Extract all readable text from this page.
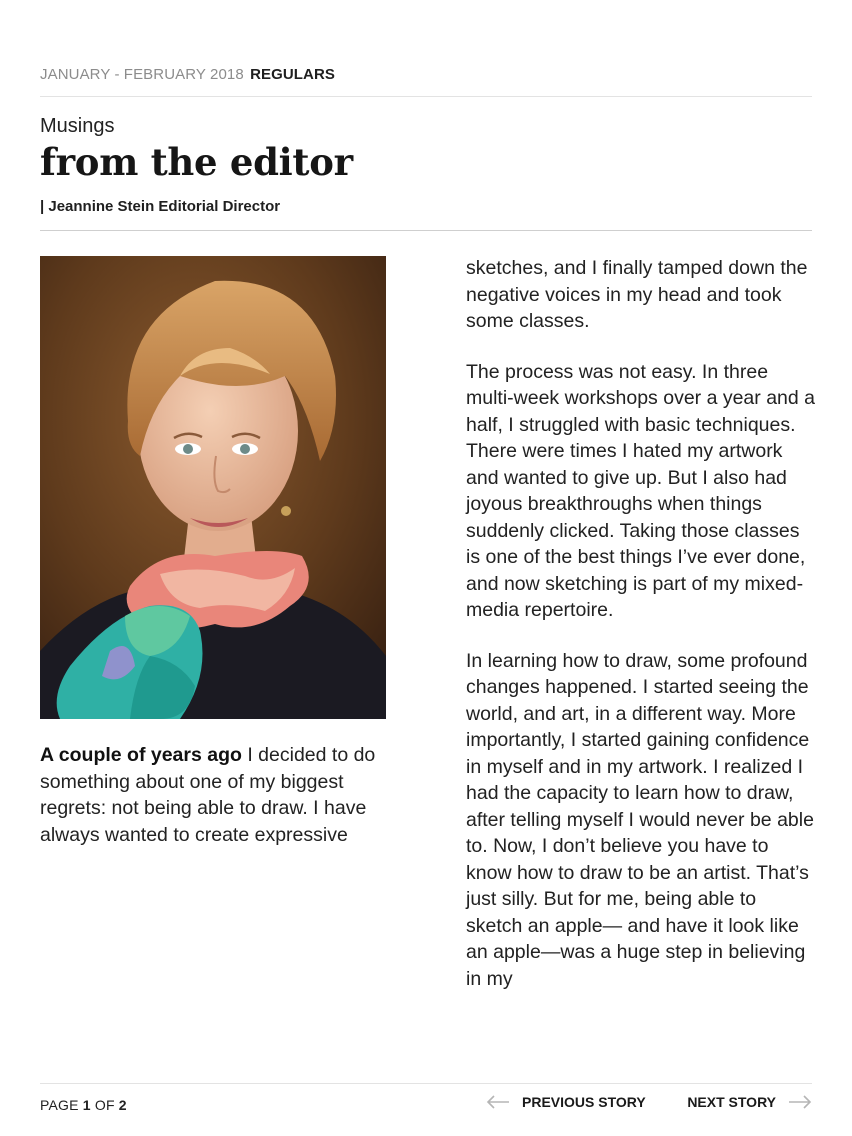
JANUARY - FEBRUARY 2018 REGULARS
Musings
from the editor
| Jeannine Stein Editorial Director
A couple of years ago I decided to do something about one of my biggest regrets: not being able to draw. I have always wanted to create expressive

sketches, and I finally tamped down the negative voices in my head and took some classes.

The process was not easy. In three multi-week workshops over a year and a half, I struggled with basic techniques. There were times I hated my artwork and wanted to give up. But I also had joyous breakthroughs when things suddenly clicked. Taking those classes is one of the best things I’ve ever done, and now sketching is part of my mixed-media repertoire.

In learning how to draw, some profound changes happened. I started seeing the world, and art, in a different way. More importantly, I started gaining confidence in myself and in my artwork. I realized I had the capacity to learn how to draw, after telling myself I would never be able to. Now, I don’t believe you have to know how to draw to be an artist. That’s just silly. But for me, being able to sketch an apple— and have it look like an apple—was a huge step in believing in my

PAGE 1 OF 2	PREVIOUS STORY	NEXT STORY
